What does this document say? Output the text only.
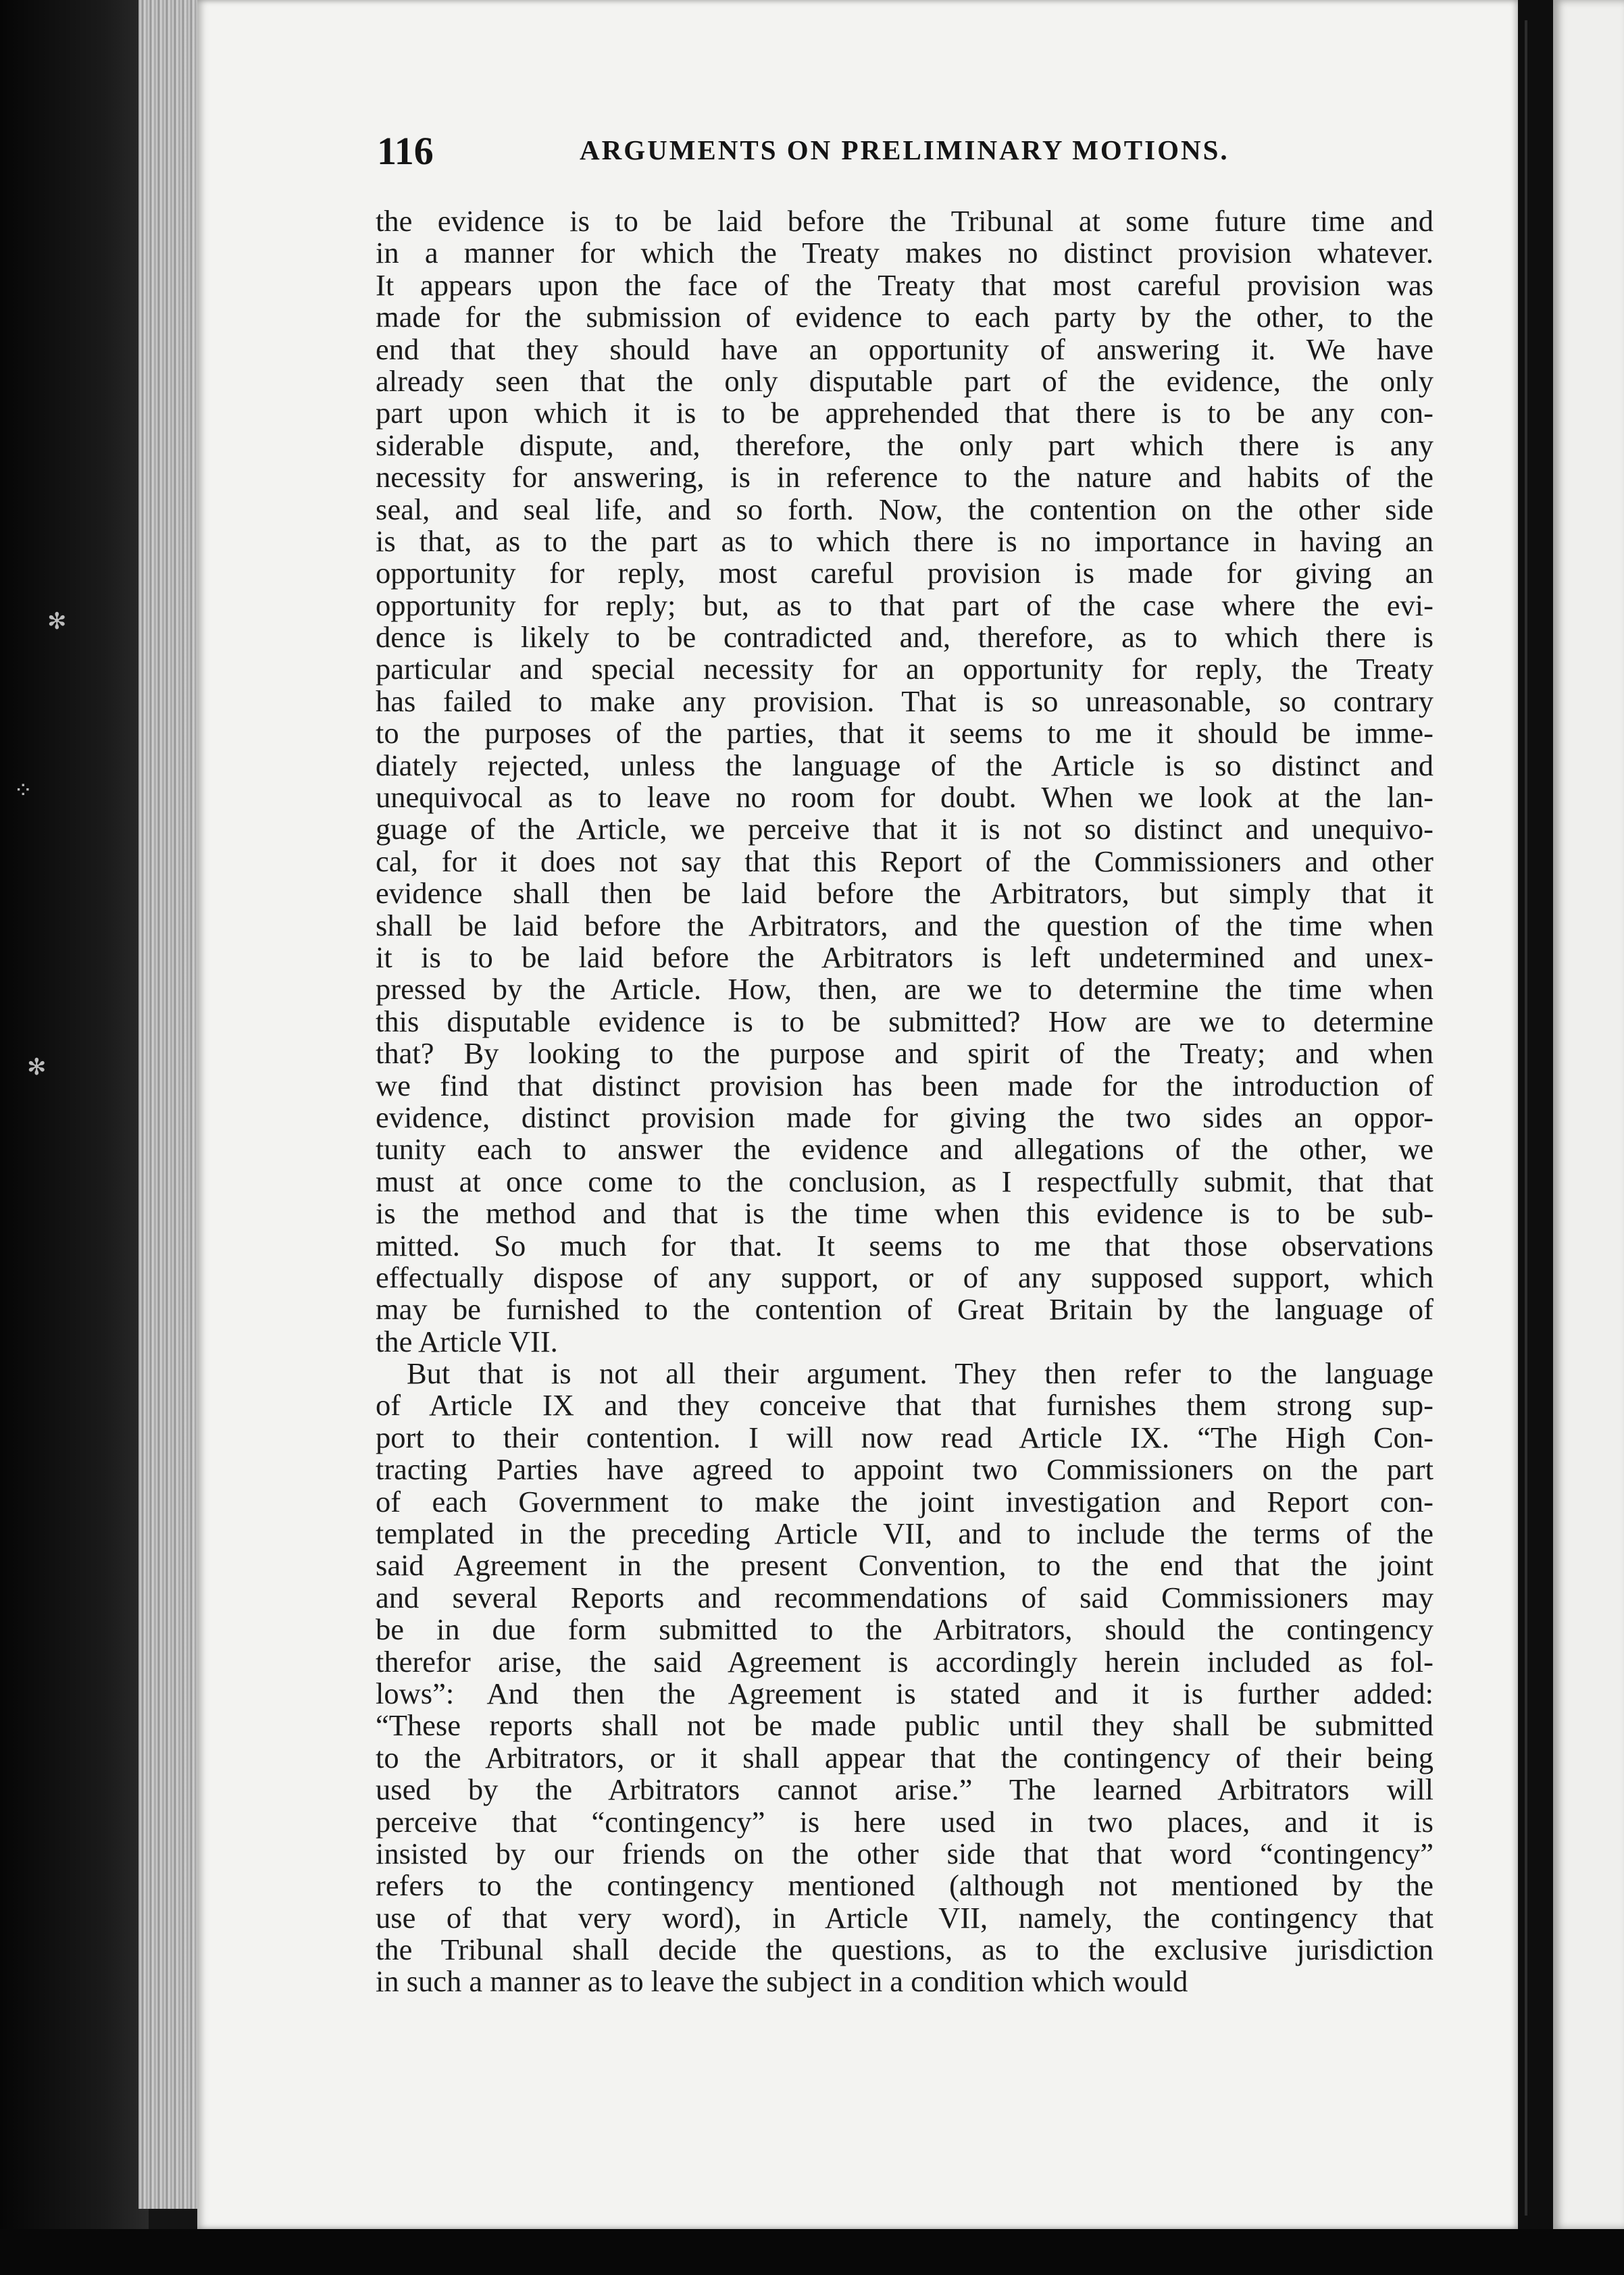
✻
⁘
✻
116	ARGUMENTS ON PRELIMINARY MOTIONS.
the evidence is to be laid before the Tribunal at some future time and
in a manner for which the Treaty makes no distinct provision whatever.
It appears upon the face of the Treaty that most careful provision was
made for the submission of evidence to each party by the other, to the
end that they should have an opportunity of answering it. We have
already seen that the only disputable part of the evidence, the only
part upon which it is to be apprehended that there is to be any con-
siderable dispute, and, therefore, the only part which there is any
necessity for answering, is in reference to the nature and habits of the
seal, and seal life, and so forth. Now, the contention on the other side
is that, as to the part as to which there is no importance in having an
opportunity for reply, most careful provision is made for giving an
opportunity for reply; but, as to that part of the case where the evi-
dence is likely to be contradicted and, therefore, as to which there is
particular and special necessity for an opportunity for reply, the Treaty
has failed to make any provision. That is so unreasonable, so contrary
to the purposes of the parties, that it seems to me it should be imme-
diately rejected, unless the language of the Article is so distinct and
unequivocal as to leave no room for doubt. When we look at the lan-
guage of the Article, we perceive that it is not so distinct and unequivo-
cal, for it does not say that this Report of the Commissioners and other
evidence shall then be laid before the Arbitrators, but simply that it
shall be laid before the Arbitrators, and the question of the time when
it is to be laid before the Arbitrators is left undetermined and unex-
pressed by the Article. How, then, are we to determine the time when
this disputable evidence is to be submitted? How are we to determine
that? By looking to the purpose and spirit of the Treaty; and when
we find that distinct provision has been made for the introduction of
evidence, distinct provision made for giving the two sides an oppor-
tunity each to answer the evidence and allegations of the other, we
must at once come to the conclusion, as I respectfully submit, that that
is the method and that is the time when this evidence is to be sub-
mitted. So much for that. It seems to me that those observations
effectually dispose of any support, or of any supposed support, which
may be furnished to the contention of Great Britain by the language of
the Article VII.
But that is not all their argument. They then refer to the language
of Article IX and they conceive that that furnishes them strong sup-
port to their contention. I will now read Article IX. “The High Con-
tracting Parties have agreed to appoint two Commissioners on the part
of each Government to make the joint investigation and Report con-
templated in the preceding Article VII, and to include the terms of the
said Agreement in the present Convention, to the end that the joint
and several Reports and recommendations of said Commissioners may
be in due form submitted to the Arbitrators, should the contingency
therefor arise, the said Agreement is accordingly herein included as fol-
lows”: And then the Agreement is stated and it is further added:
“These reports shall not be made public until they shall be submitted
to the Arbitrators, or it shall appear that the contingency of their being
used by the Arbitrators cannot arise.” The learned Arbitrators will
perceive that “contingency” is here used in two places, and it is
insisted by our friends on the other side that that word “contingency”
refers to the contingency mentioned (although not mentioned by the
use of that very word), in Article VII, namely, the contingency that
the Tribunal shall decide the questions, as to the exclusive jurisdiction
in such a manner as to leave the subject in a condition which would
